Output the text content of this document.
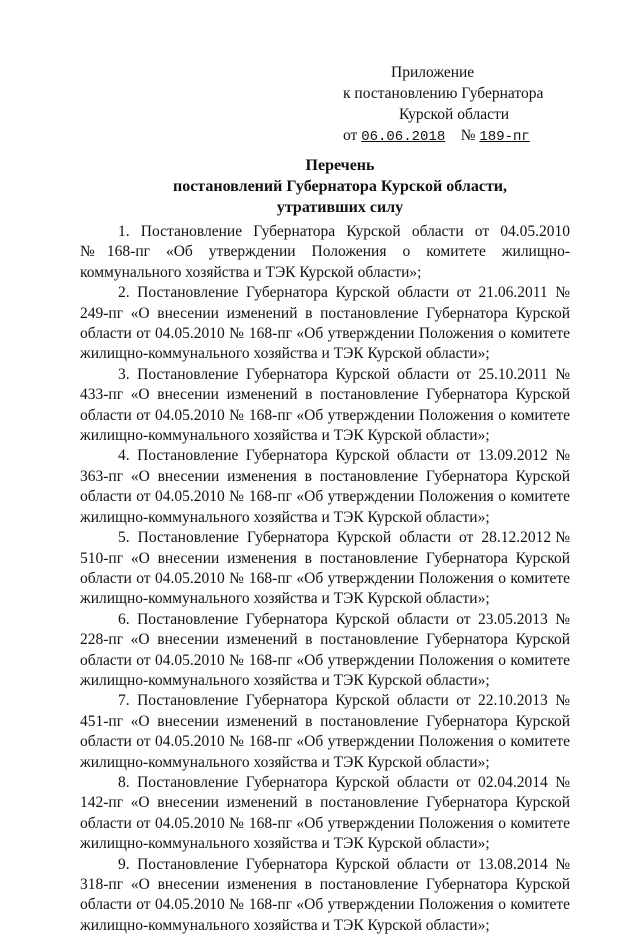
Приложение
к постановлению Губернатора
Курской области
от 06.06.2018 № 189-пг
Перечень
постановлений Губернатора Курской области,
утративших силу

1. Постановление Губернатора Курской области от 04.05.2010 №168-пг «Об утверждении Положения о комитете жилищно-коммунального хозяйства и ТЭК Курской области»;

2. Постановление Губернатора Курской области от 21.06.2011 № 249-пг «О внесении изменений в постановление Губернатора Курской области от 04.05.2010 № 168-пг «Об утверждении Положения о комитете жилищно-коммунального хозяйства и ТЭК Курской области»;

3. Постановление Губернатора Курской области от 25.10.2011 № 433-пг «О внесении изменений в постановление Губернатора Курской области от 04.05.2010 № 168-пг «Об утверждении Положения о комитете жилищно-коммунального хозяйства и ТЭК Курской области»;

4. Постановление Губернатора Курской области от 13.09.2012 № 363-пг «О внесении изменения в постановление Губернатора Курской области от 04.05.2010 № 168-пг «Об утверждении Положения о комитете жилищно-коммунального хозяйства и ТЭК Курской области»;

5. Постановление Губернатора Курской области от 28.12.2012№ 510-пг «О внесении изменения в постановление Губернатора Курской области от 04.05.2010 № 168-пг «Об утверждении Положения о комитете жилищно-коммунального хозяйства и ТЭК Курской области»;

6. Постановление Губернатора Курской области от 23.05.2013 № 228-пг «О внесении изменений в постановление Губернатора Курской области от 04.05.2010 № 168-пг «Об утверждении Положения о комитете жилищно-коммунального хозяйства и ТЭК Курской области»;

7. Постановление Губернатора Курской области от 22.10.2013 № 451-пг «О внесении изменений в постановление Губернатора Курской области от 04.05.2010 № 168-пг «Об утверждении Положения о комитете жилищно-коммунального хозяйства и ТЭК Курской области»;

8. Постановление Губернатора Курской области от 02.04.2014 № 142-пг «О внесении изменений в постановление Губернатора Курской области от 04.05.2010 № 168-пг «Об утверждении Положения о комитете жилищно-коммунального хозяйства и ТЭК Курской области»;

9. Постановление Губернатора Курской области от 13.08.2014 № 318-пг «О внесении изменения в постановление Губернатора Курской области от 04.05.2010 № 168-пг «Об утверждении Положения о комитете жилищно-коммунального хозяйства и ТЭК Курской области»;
